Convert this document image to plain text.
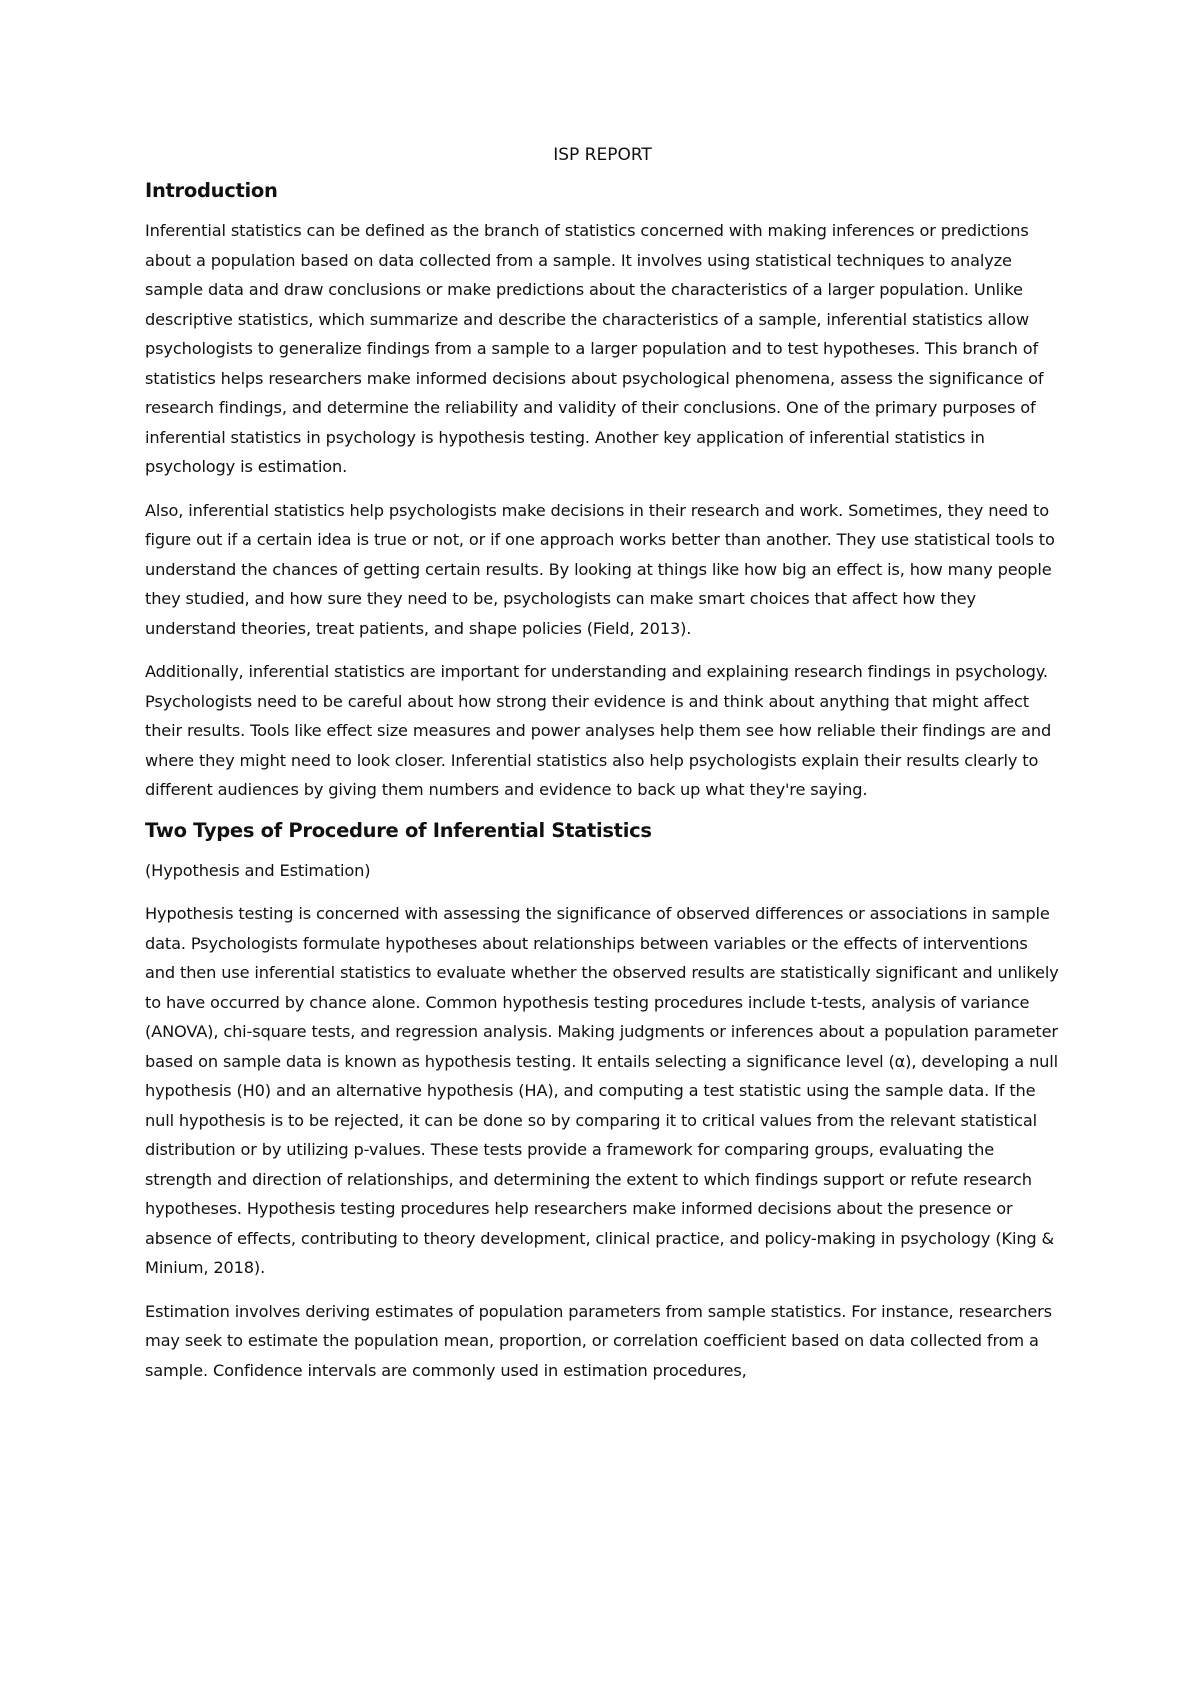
ISP REPORT
Introduction

Inferential statistics can be defined as the branch of statistics concerned with making inferences or predictions about a population based on data collected from a sample. It involves using statistical techniques to analyze sample data and draw conclusions or make predictions about the characteristics of a larger population. Unlike descriptive statistics, which summarize and describe the characteristics of a sample, inferential statistics allow psychologists to generalize findings from a sample to a larger population and to test hypotheses. This branch of statistics helps researchers make informed decisions about psychological phenomena, assess the significance of research findings, and determine the reliability and validity of their conclusions. One of the primary purposes of inferential statistics in psychology is hypothesis testing. Another key application of inferential statistics in psychology is estimation.

Also, inferential statistics help psychologists make decisions in their research and work. Sometimes, they need to figure out if a certain idea is true or not, or if one approach works better than another. They use statistical tools to understand the chances of getting certain results. By looking at things like how big an effect is, how many people they studied, and how sure they need to be, psychologists can make smart choices that affect how they understand theories, treat patients, and shape policies (Field, 2013).

Additionally, inferential statistics are important for understanding and explaining research findings in psychology. Psychologists need to be careful about how strong their evidence is and think about anything that might affect their results. Tools like effect size measures and power analyses help them see how reliable their findings are and where they might need to look closer. Inferential statistics also help psychologists explain their results clearly to different audiences by giving them numbers and evidence to back up what they're saying.

Two Types of Procedure of Inferential Statistics

(Hypothesis and Estimation)

Hypothesis testing is concerned with assessing the significance of observed differences or associations in sample data. Psychologists formulate hypotheses about relationships between variables or the effects of interventions and then use inferential statistics to evaluate whether the observed results are statistically significant and unlikely to have occurred by chance alone. Common hypothesis testing procedures include t-tests, analysis of variance (ANOVA), chi-square tests, and regression analysis. Making judgments or inferences about a population parameter based on sample data is known as hypothesis testing. It entails selecting a significance level (α), developing a null hypothesis (H0) and an alternative hypothesis (HA), and computing a test statistic using the sample data. If the null hypothesis is to be rejected, it can be done so by comparing it to critical values from the relevant statistical distribution or by utilizing p-values. These tests provide a framework for comparing groups, evaluating the strength and direction of relationships, and determining the extent to which findings support or refute research hypotheses. Hypothesis testing procedures help researchers make informed decisions about the presence or absence of effects, contributing to theory development, clinical practice, and policy-making in psychology (King & Minium, 2018).

Estimation involves deriving estimates of population parameters from sample statistics. For instance, researchers may seek to estimate the population mean, proportion, or correlation coefficient based on data collected from a sample. Confidence intervals are commonly used in estimation procedures,
